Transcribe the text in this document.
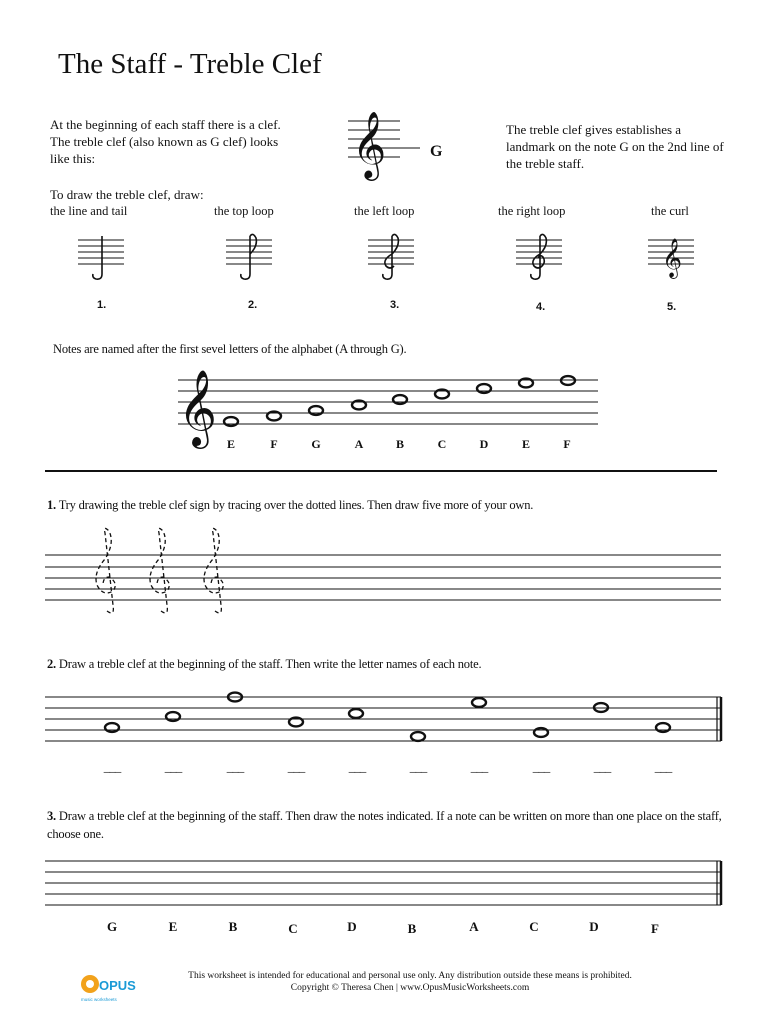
The Staff - Treble Clef
At the beginning of each staff there is a clef. The treble clef (also known as G clef) looks like this:
The treble clef gives establishes a landmark on the note G on the 2nd line of the treble staff.
𝄞	G
To draw the treble clef, draw:
the line and tail	the top loop	the left loop	the right loop	the curl
𝄞
1.	2.	3.	4.	5.
Notes are named after the first sevel letters of the alphabet (A through G).
𝄞 E	F	G	A	B	C	D	E	F
1. Try drawing the treble clef sign by tracing over the dotted lines. Then draw five more of your own.
2. Draw a treble clef at the beginning of the staff. Then write the letter names of each note.
___	___	___	___	___	___	___	___	___	___
3. Draw a treble clef at the beginning of the staff. Then draw the notes indicated. If a note can be written on more than one place on the staff, choose one.
G	E	B	C	D	B	A	C	D	F
OPUS
music worksheets
This worksheet is intended for educational and personal use only. Any distribution outside these means is prohibited.
Copyright © Theresa Chen | www.OpusMusicWorksheets.com
